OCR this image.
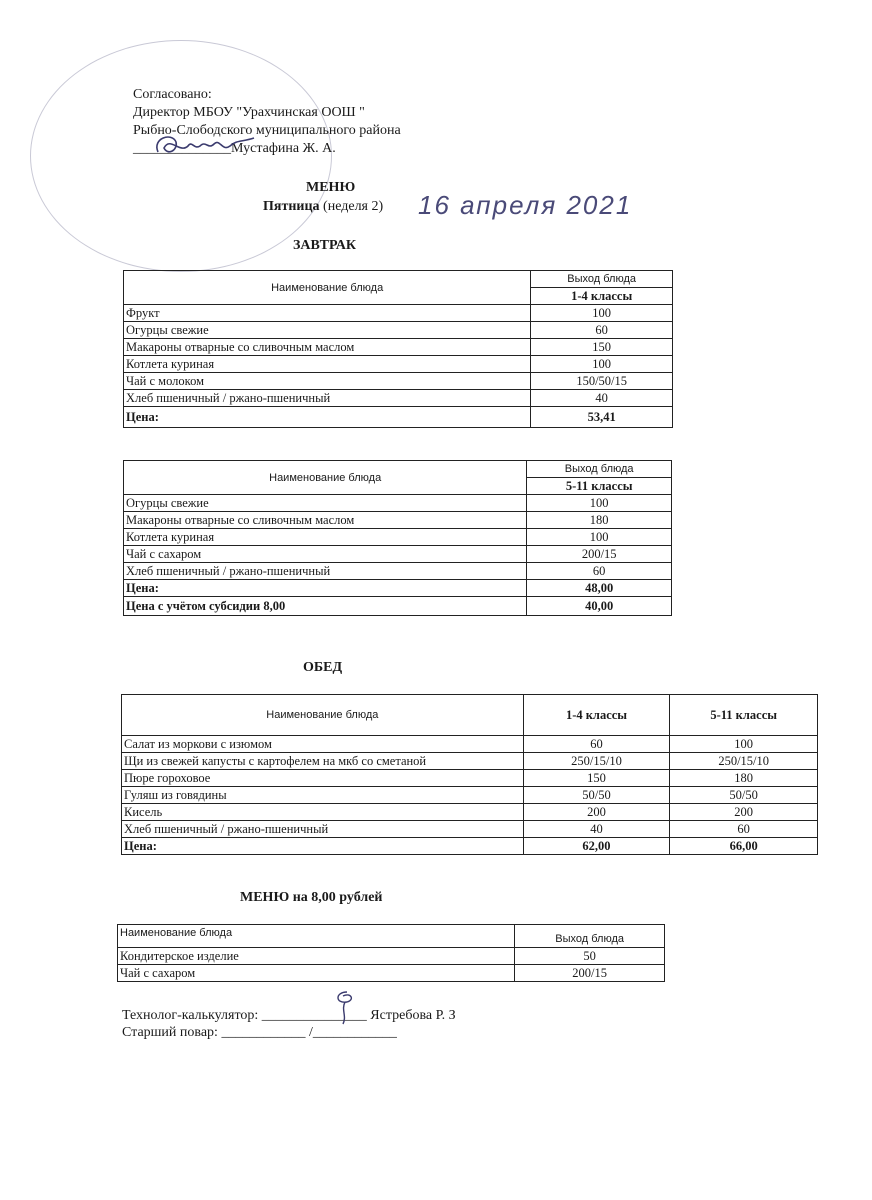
Согласовано:
Директор МБОУ "Урахчинская ООШ "
Рыбно-Слободского муниципального района
______________Мустафина Ж. А.
МЕНЮ
Пятница (неделя 2) 16 апреля 2021
ЗАВТРАК
Наименование блюда	Выход блюда
	1-4 классы
Фрукт	100
Огурцы свежие	60
Макароны отварные со сливочным маслом	150
Котлета куриная	100
Чай с молоком	150/50/15
Хлеб пшеничный / ржано-пшеничный	40
Цена:	53,41
Наименование блюда	Выход блюда
	5-11 классы
Огурцы свежие	100
Макароны отварные со сливочным маслом	180
Котлета куриная	100
Чай с сахаром	200/15
Хлеб пшеничный / ржано-пшеничный	60
Цена:	48,00
Цена с учётом субсидии 8,00	40,00
ОБЕД
Наименование блюда	1-4 классы	5-11 классы
Салат из моркови с изюмом	60	100
Щи из свежей капусты с картофелем на мкб со сметаной	250/15/10	250/15/10
Пюре гороховое	150	180
Гуляш из говядины	50/50	50/50
Кисель	200	200
Хлеб пшеничный / ржано-пшеничный	40	60
Цена:	62,00	66,00
МЕНЮ на 8,00 рублей
Наименование блюда	Выход блюда
Кондитерское изделие	50
Чай с сахаром	200/15
Технолог-калькулятор: _______________ Ястребова Р. З
Старший повар: ____________ /____________
